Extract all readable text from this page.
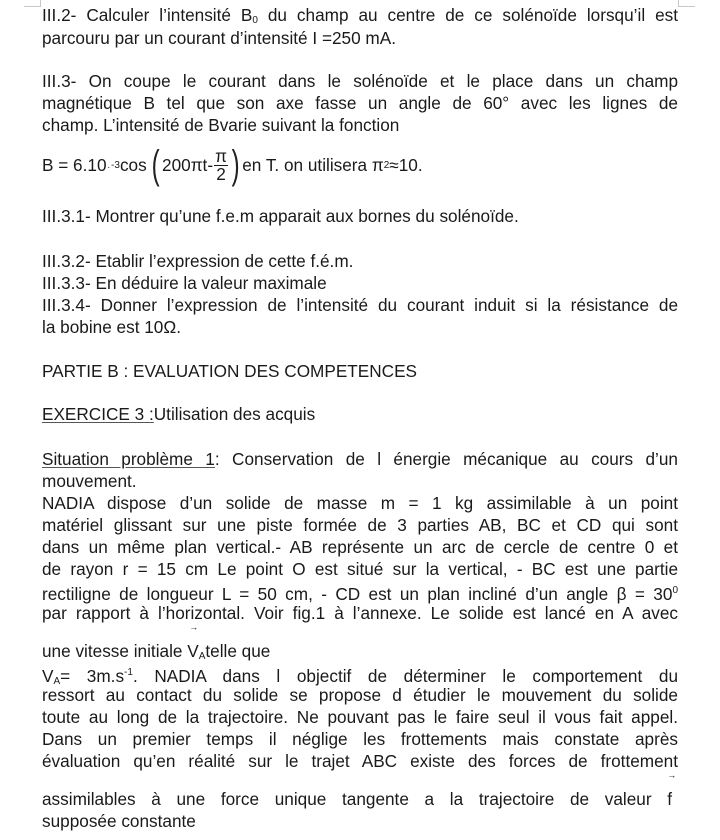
III.2- Calculer l’intensité $B_0$ du champ au centre de ce solénoïde lorsqu’il est
parcouru par un courant d’intensité I =250 mA.
III.3- On coupe le courant dans le solénoïde et le place dans un champ
magnétique B tel que son axe fasse un angle de 60° avec les lignes de
champ. L’intensité de Bvarie suivant la fonction
B = 6.10 . -3 cos ( $200\pi t- \frac{\pi}{2}$ ) en T. on utilisera π 2 ≈10.
III.3.1- Montrer qu’une f.e.m apparait aux bornes du solénoïde.
III.3.2- Etablir l’expression de cette f.é.m.
III.3.3- En déduire la valeur maximale
III.3.4- Donner l’expression de l’intensité du courant induit si la résistance de
la bobine est 10Ω.
PARTIE B : EVALUATION DES COMPETENCES
EXERCICE 3 :Utilisation des acquis
Situation problème 1: Conservation de l énergie mécanique au cours d’un
mouvement.
NADIA dispose d’un solide de masse m = 1 kg assimilable à un point
matériel glissant sur une piste formée de 3 parties AB, BC et CD qui sont
dans un même plan vertical.- AB représente un arc de cercle de centre 0 et
de rayon r = 15 cm Le point O est situé sur la vertical, - BC est une partie
rectiligne de longueur L = 50 cm, - CD est un plan incliné d’un angle $\beta = 30^0$
par rapport à l’horizontal. Voir fig.1 à l’annexe. Le solide est lancé en A avec
une vitesse initiale
→
$V_Atelle$ que
$V_A= 3m.s^{-1}$. NADIA dans l objectif de déterminer le comportement du
ressort au contact du solide se propose d étudier le mouvement du solide
toute au long de la trajectoire. Ne pouvant pas le faire seul il vous fait appel.
Dans un premier temps il néglige les frottements mais constate après
évaluation qu’en réalité sur le trajet ABC existe des forces de frottement
assimilables à une force unique tangente a la trajectoire de valeur
→
f
supposée constante
